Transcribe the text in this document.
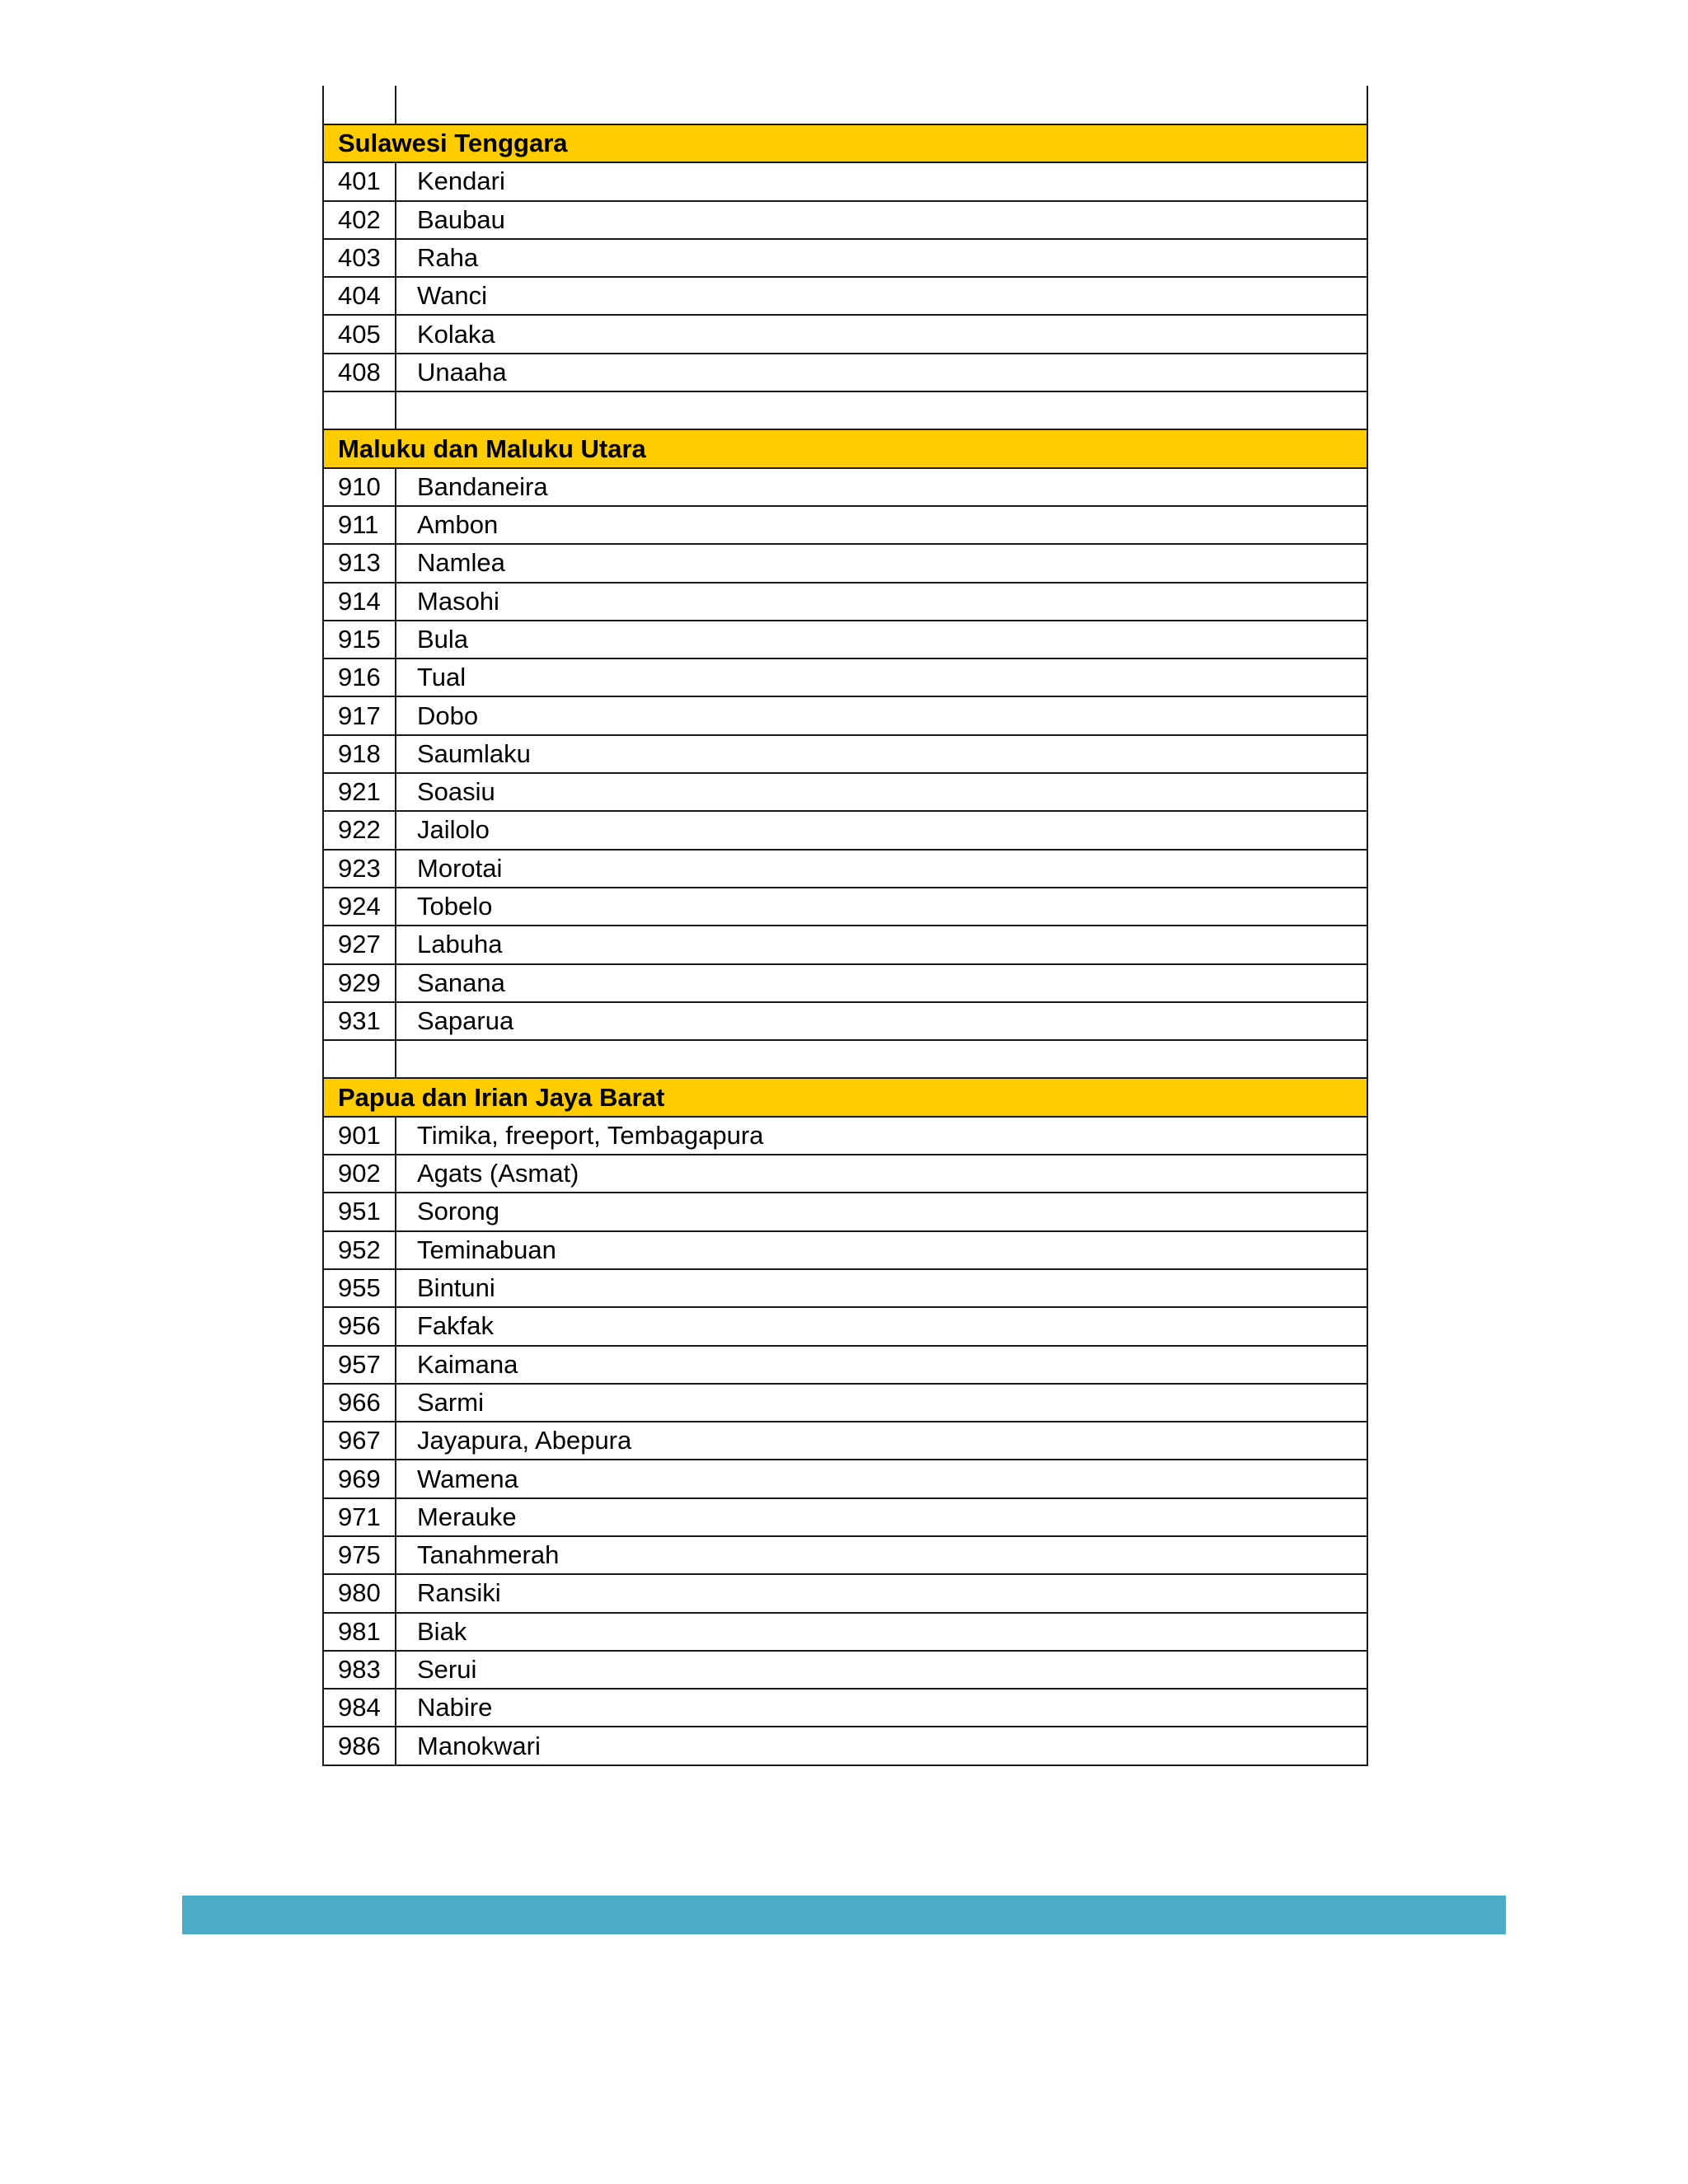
Sulawesi Tenggara	
401	Kendari
402	Baubau
403	Raha
404	Wanci
405	Kolaka
408	Unaaha

Maluku dan Maluku Utara	
910	Bandaneira
911	Ambon
913	Namlea
914	Masohi
915	Bula
916	Tual
917	Dobo
918	Saumlaku
921	Soasiu
922	Jailolo
923	Morotai
924	Tobelo
927	Labuha
929	Sanana
931	Saparua

Papua dan Irian Jaya Barat	
901	Timika, freeport, Tembagapura
902	Agats (Asmat)
951	Sorong
952	Teminabuan
955	Bintuni
956	Fakfak
957	Kaimana
966	Sarmi
967	Jayapura, Abepura
969	Wamena
971	Merauke
975	Tanahmerah
980	Ransiki
981	Biak
983	Serui
984	Nabire
986	Manokwari
